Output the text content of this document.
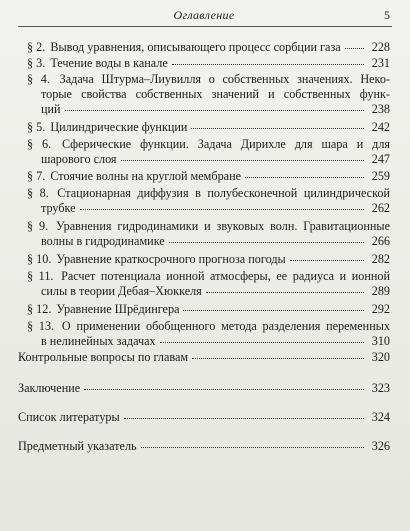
Оглавление	5
§ 2. Вывод уравнения, описывающего процесс сорбции газа	228
§ 3. Течение воды в канале	231
§ 4. Задача Штурма–Лиувилля о собственных значениях. Неко-
торые свойства собственных значений и собственных функ-
ций	238
§ 5. Цилиндрические функции	242
§ 6. Сферические функции. Задача Дирихле для шара и для
шарового слоя	247
§ 7. Стоячие волны на круглой мембране	259
§ 8. Стационарная диффузия в полубесконечной цилиндрической
трубке	262
§ 9. Уравнения гидродинамики и звуковых волн. Гравитационные
волны в гидродинамике	266
§ 10. Уравнение краткосрочного прогноза погоды	282
§ 11. Расчет потенциала ионной атмосферы, ее радиуса и ионной
силы в теории Дебая–Хюккеля	289
§ 12. Уравнение Шрёдингера	292
§ 13. О применении обобщенного метода разделения переменных
в нелинейных задачах	310
Контрольные вопросы по главам	320
Заключение	323
Список литературы	324
Предметный указатель	326
